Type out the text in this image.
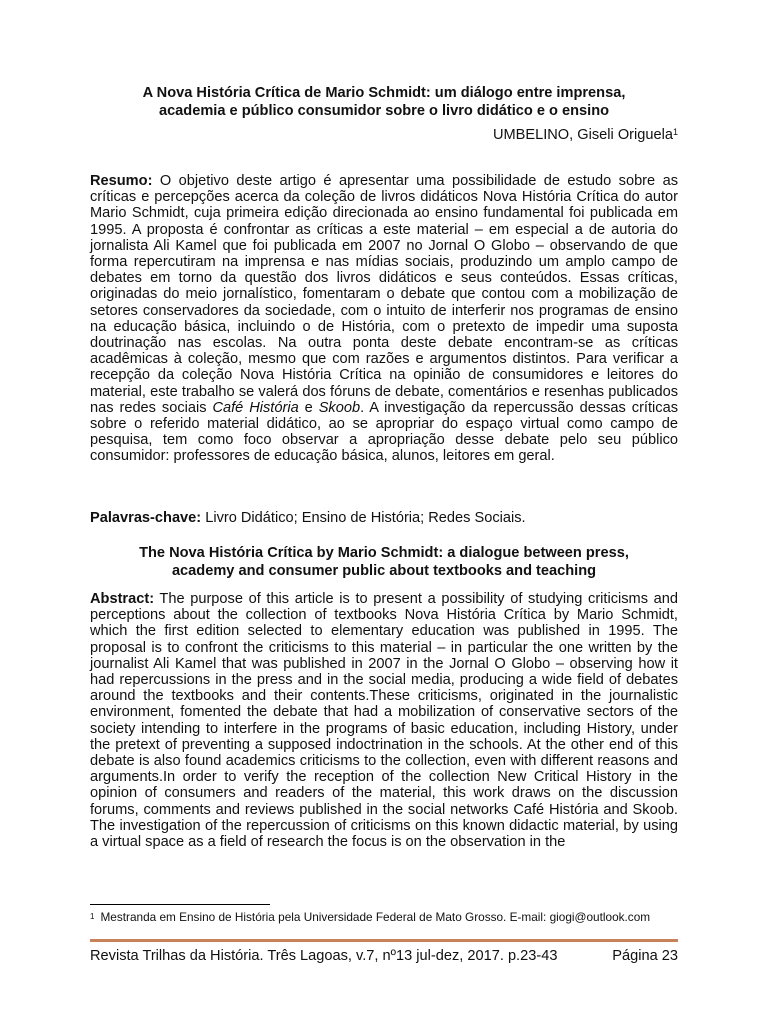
A Nova História Crítica de Mario Schmidt: um diálogo entre imprensa,
academia e público consumidor sobre o livro didático e o ensino
UMBELINO, Giseli Origuela$^1$
Resumo: O objetivo deste artigo é apresentar uma possibilidade de estudo sobre as críticas e percepções acerca da coleção de livros didáticos Nova História Crítica do autor Mario Schmidt, cuja primeira edição direcionada ao ensino fundamental foi publicada em 1995. A proposta é confrontar as críticas a este material – em especial a de autoria do jornalista Ali Kamel que foi publicada em 2007 no Jornal O Globo – observando de que forma repercutiram na imprensa e nas mídias sociais, produzindo um amplo campo de debates em torno da questão dos livros didáticos e seus conteúdos. Essas críticas, originadas do meio jornalístico, fomentaram o debate que contou com a mobilização de setores conservadores da sociedade, com o intuito de interferir nos programas de ensino na educação básica, incluindo o de História, com o pretexto de impedir uma suposta doutrinação nas escolas. Na outra ponta deste debate encontram-se as críticas acadêmicas à coleção, mesmo que com razões e argumentos distintos. Para verificar a recepção da coleção Nova História Crítica na opinião de consumidores e leitores do material, este trabalho se valerá dos fóruns de debate, comentários e resenhas publicados nas redes sociais Café História e Skoob. A investigação da repercussão dessas críticas sobre o referido material didático, ao se apropriar do espaço virtual como campo de pesquisa, tem como foco observar a apropriação desse debate pelo seu público consumidor: professores de educação básica, alunos, leitores em geral.
Palavras-chave: Livro Didático; Ensino de História; Redes Sociais.
The Nova História Crítica by Mario Schmidt: a dialogue between press,
academy and consumer public about textbooks and teaching
Abstract: The purpose of this article is to present a possibility of studying criticisms and perceptions about the collection of textbooks Nova História Crítica by Mario Schmidt, which the first edition selected to elementary education was published in 1995. The proposal is to confront the criticisms to this material – in particular the one written by the journalist Ali Kamel that was published in 2007 in the Jornal O Globo – observing how it had repercussions in the press and in the social media, producing a wide field of debates around the textbooks and their contents.These criticisms, originated in the journalistic environment, fomented the debate that had a mobilization of conservative sectors of the society intending to interfere in the programs of basic education, including History, under the pretext of preventing a supposed indoctrination in the schools. At the other end of this debate is also found academics criticisms to the collection, even with different reasons and arguments.In order to verify the reception of the collection New Critical History in the opinion of consumers and readers of the material, this work draws on the discussion forums, comments and reviews published in the social networks Café História and Skoob. The investigation of the repercussion of criticisms on this known didactic material, by using a virtual space as a field of research the focus is on the observation in the
$^1$ Mestranda em Ensino de História pela Universidade Federal de Mato Grosso. E-mail: giogi@outlook.com
Revista Trilhas da História. Três Lagoas, v.7, nº13 jul-dez, 2017. p.23-43	Página 23
